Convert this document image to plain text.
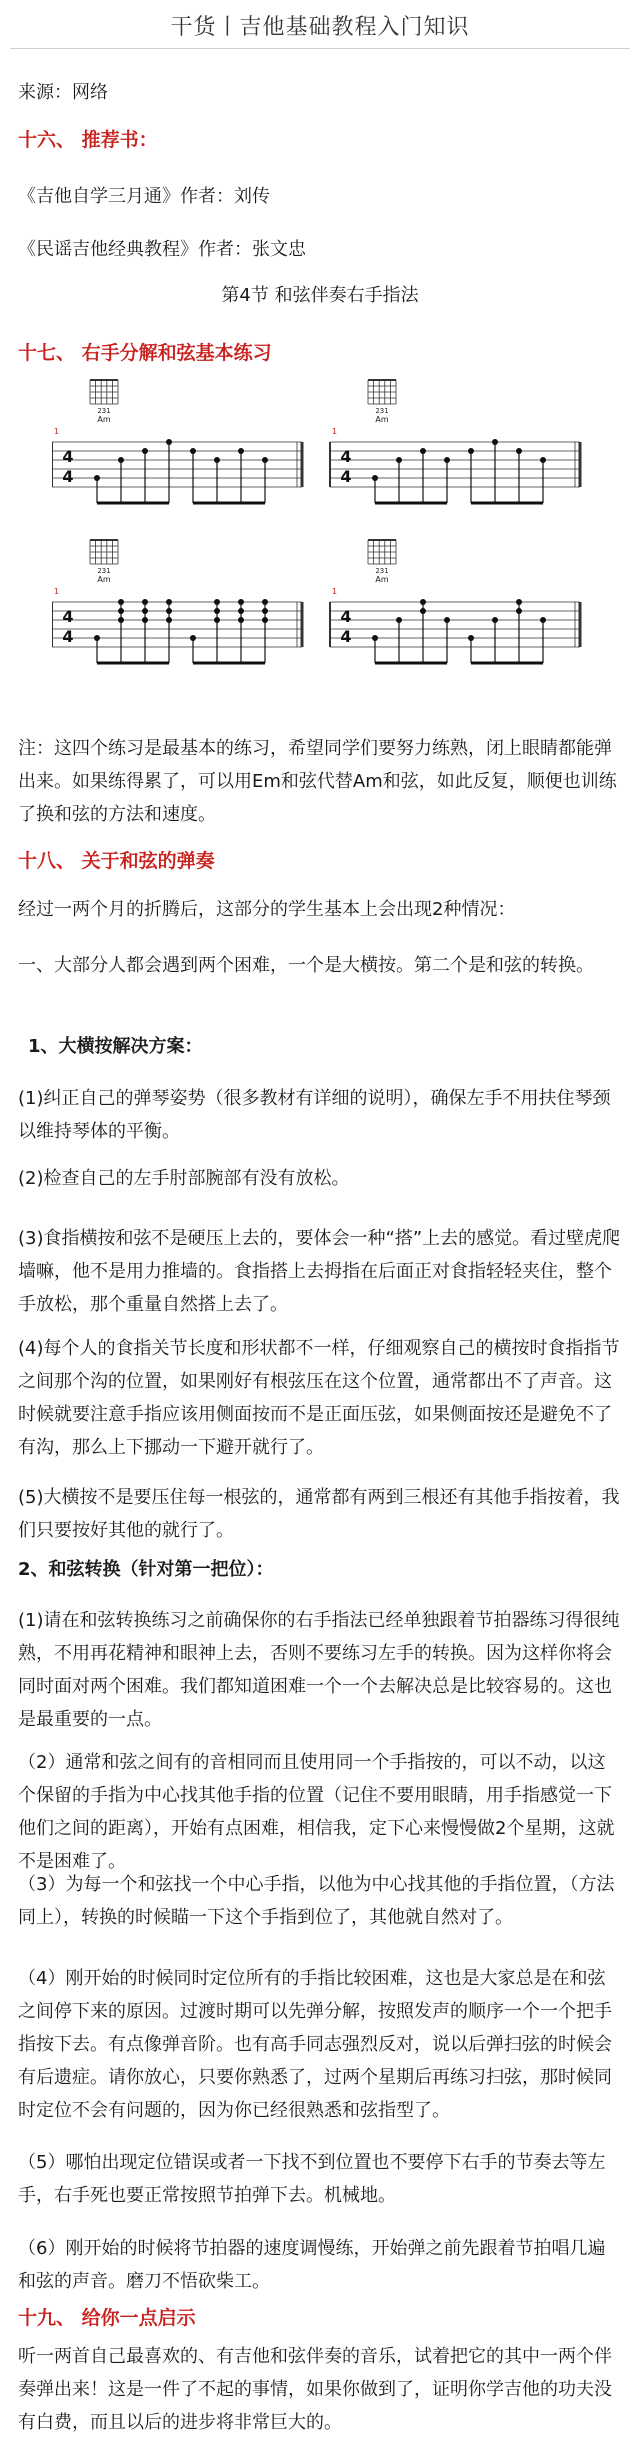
干货丨吉他基础教程入门知识

来源：网络

十六、 推荐书：

《吉他自学三月通》作者：刘传

《民谣吉他经典教程》作者：张文忠

第4节 和弦伴奏右手指法

十七、 右手分解和弦基本练习

231
Am
1
4
4
231
Am
1
4
4
231
Am
1
4
4
231
Am
1
4
4

注：这四个练习是最基本的练习，希望同学们要努力练熟，闭上眼睛都能弹出来。如果练得累了，可以用Em和弦代替Am和弦，如此反复，顺便也训练了换和弦的方法和速度。

十八、 关于和弦的弹奏

经过一两个月的折腾后，这部分的学生基本上会出现2种情况：

一、大部分人都会遇到两个困难，一个是大横按。第二个是和弦的转换。

1、大横按解决方案：

(1)纠正自己的弹琴姿势（很多教材有详细的说明），确保左手不用扶住琴颈以维持琴体的平衡。

(2)检查自己的左手肘部腕部有没有放松。

(3)食指横按和弦不是硬压上去的，要体会一种“搭”上去的感觉。看过壁虎爬墙嘛，他不是用力推墙的。食指搭上去拇指在后面正对食指轻轻夹住，整个手放松，那个重量自然搭上去了。

(4)每个人的食指关节长度和形状都不一样，仔细观察自己的横按时食指指节之间那个沟的位置，如果刚好有根弦压在这个位置，通常都出不了声音。这时候就要注意手指应该用侧面按而不是正面压弦，如果侧面按还是避免不了有沟，那么上下挪动一下避开就行了。

(5)大横按不是要压住每一根弦的，通常都有两到三根还有其他手指按着，我们只要按好其他的就行了。

2、和弦转换（针对第一把位）：

(1)请在和弦转换练习之前确保你的右手指法已经单独跟着节拍器练习得很纯熟，不用再花精神和眼神上去，否则不要练习左手的转换。因为这样你将会同时面对两个困难。我们都知道困难一个一个去解决总是比较容易的。这也是最重要的一点。

（2）通常和弦之间有的音相同而且使用同一个手指按的，可以不动，以这个保留的手指为中心找其他手指的位置（记住不要用眼睛，用手指感觉一下他们之间的距离），开始有点困难，相信我，定下心来慢慢做2个星期，这就不是困难了。

（3）为每一个和弦找一个中心手指，以他为中心找其他的手指位置，（方法同上），转换的时候瞄一下这个手指到位了，其他就自然对了。

（4）刚开始的时候同时定位所有的手指比较困难，这也是大家总是在和弦之间停下来的原因。过渡时期可以先弹分解，按照发声的顺序一个一个把手指按下去。有点像弹音阶。也有高手同志强烈反对，说以后弹扫弦的时候会有后遗症。请你放心，只要你熟悉了，过两个星期后再练习扫弦，那时候同时定位不会有问题的，因为你已经很熟悉和弦指型了。

（5）哪怕出现定位错误或者一下找不到位置也不要停下右手的节奏去等左手，右手死也要正常按照节拍弹下去。机械地。

（6）刚开始的时候将节拍器的速度调慢练，开始弹之前先跟着节拍唱几遍和弦的声音。磨刀不悟砍柴工。

十九、 给你一点启示

听一两首自己最喜欢的、有吉他和弦伴奏的音乐，试着把它的其中一两个伴奏弹出来！这是一件了不起的事情，如果你做到了，证明你学吉他的功夫没有白费，而且以后的进步将非常巨大的。
